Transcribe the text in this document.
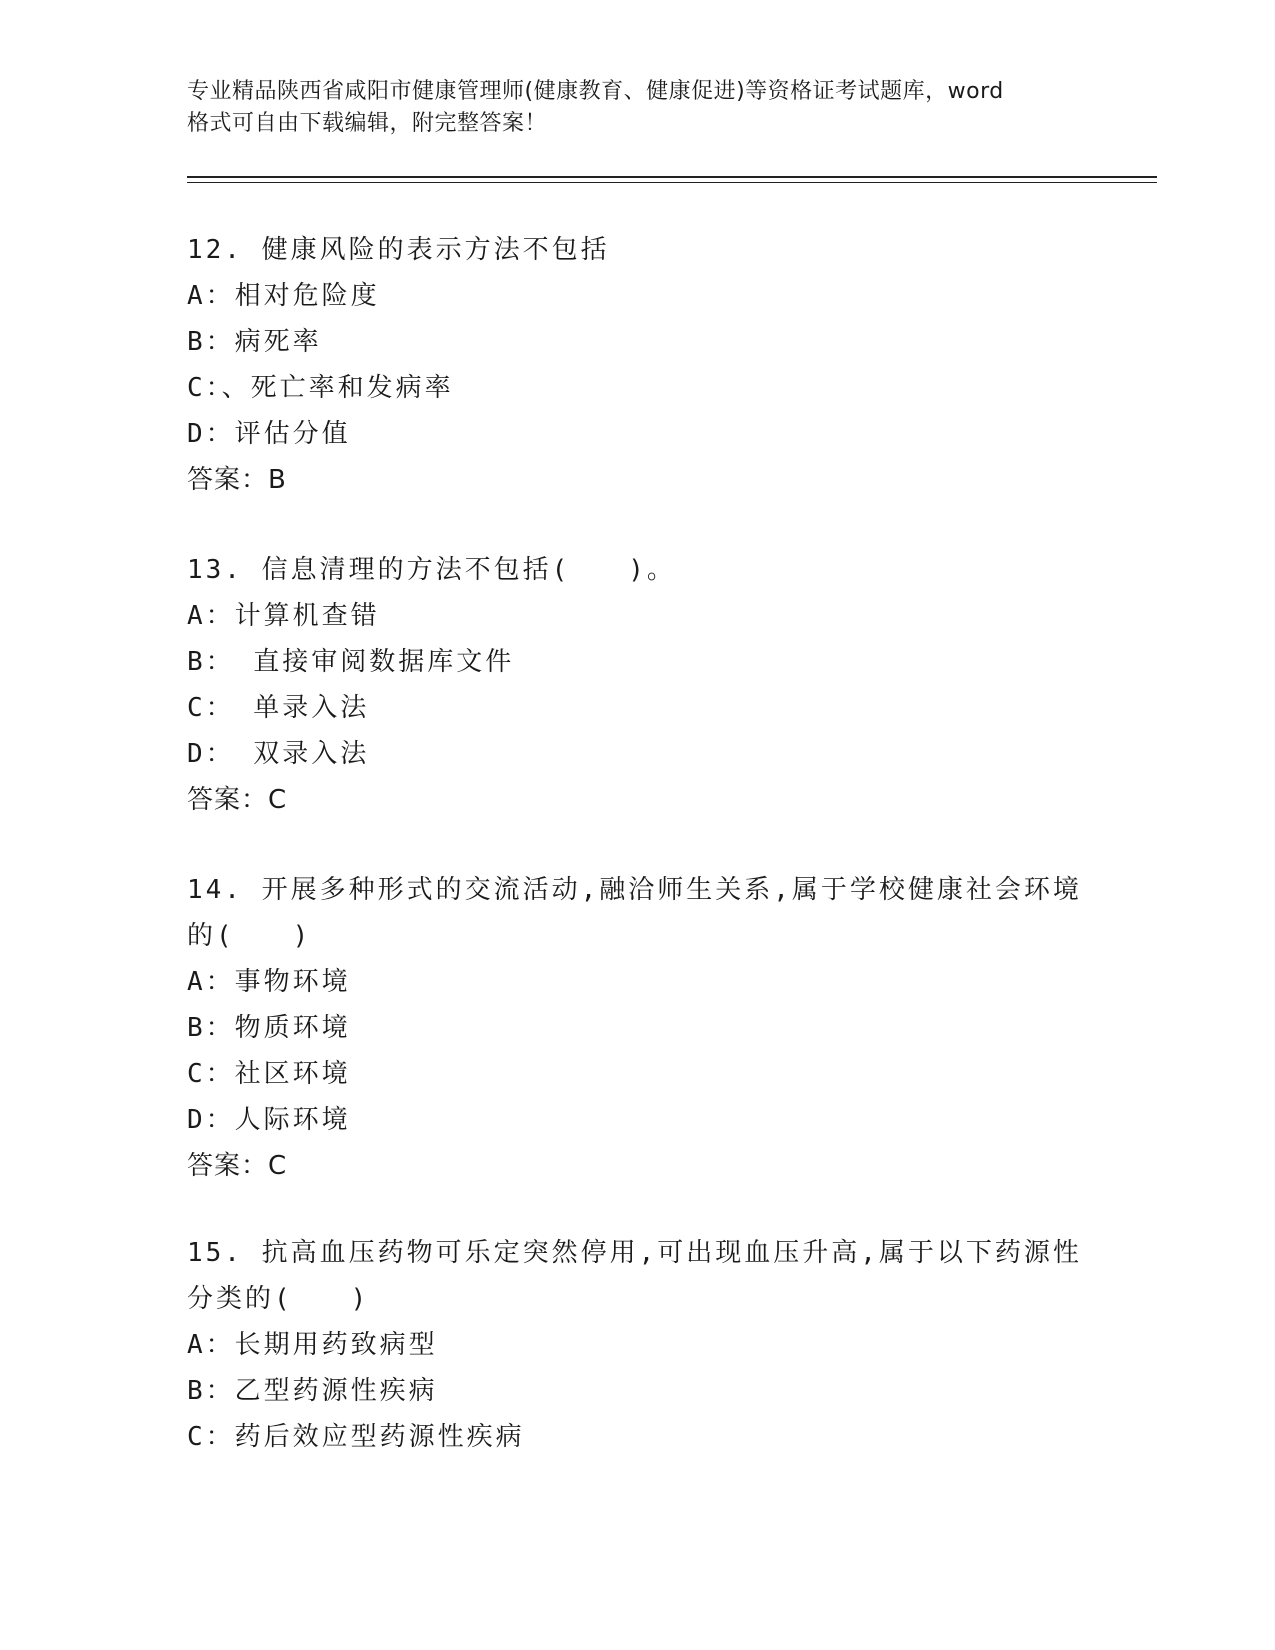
专业精品陕西省咸阳市健康管理师(健康教育、健康促进)等资格证考试题库，word
格式可自由下载编辑，附完整答案！
12. 健康风险的表示方法不包括
A：相对危险度
B：病死率
C：、死亡率和发病率
D：评估分值
答案：B
13. 信息清理的方法不包括(　　)。
A：计算机查错
B： 直接审阅数据库文件
C： 单录入法
D： 双录入法
答案：C
14. 开展多种形式的交流活动,融洽师生关系,属于学校健康社会环境
的(　　)
A：事物环境
B：物质环境
C：社区环境
D：人际环境
答案：C
15. 抗高血压药物可乐定突然停用,可出现血压升高,属于以下药源性
分类的(　　)
A：长期用药致病型
B：乙型药源性疾病
C：药后效应型药源性疾病
